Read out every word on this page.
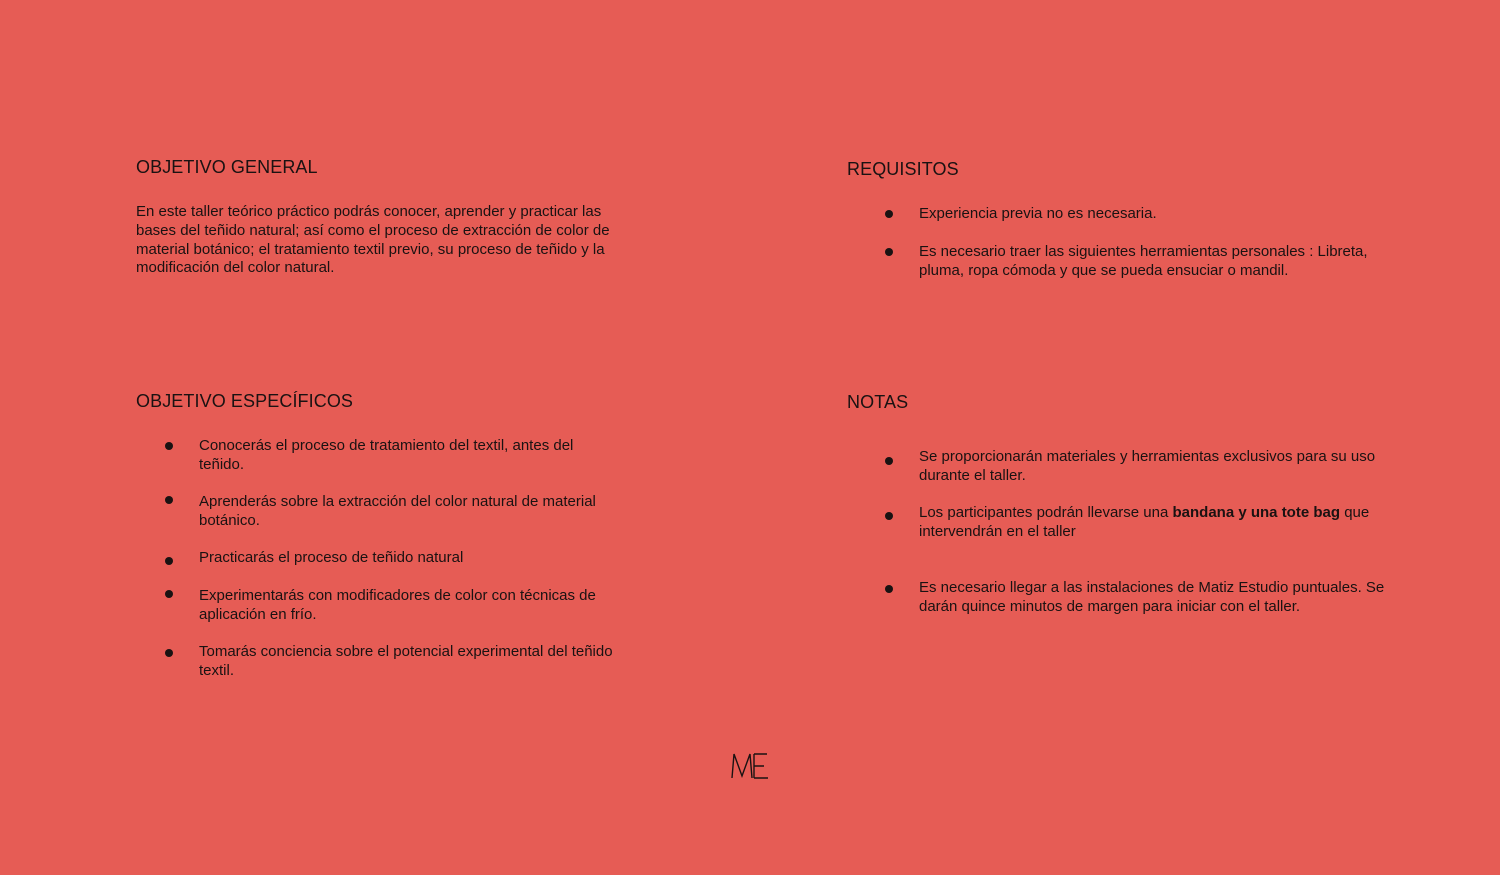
OBJETIVO GENERAL

En este taller teórico práctico podrás conocer, aprender y practicar las bases del teñido natural; así como el proceso de extracción de color de material botánico; el tratamiento textil previo, su proceso de teñido y la modificación del color natural.

REQUISITOS
Experiencia previa no es necesaria.
Es necesario traer las siguientes herramientas personales : Libreta, pluma, ropa cómoda y que se pueda ensuciar o mandil.
OBJETIVO ESPECÍFICOS
Conocerás el proceso de tratamiento del textil, antes del teñido.
Aprenderás sobre la extracción del color natural de material botánico.
Practicarás el proceso de teñido natural
Experimentarás con modificadores de color con técnicas de aplicación en frío.
Tomarás conciencia sobre el potencial experimental del teñido textil.
NOTAS
Se proporcionarán materiales y herramientas exclusivos para su uso durante el taller.
Los participantes podrán llevarse una bandana y una tote bag que intervendrán en el taller
Es necesario llegar a las instalaciones de Matiz Estudio puntuales. Se darán quince minutos de margen para iniciar con el taller.
